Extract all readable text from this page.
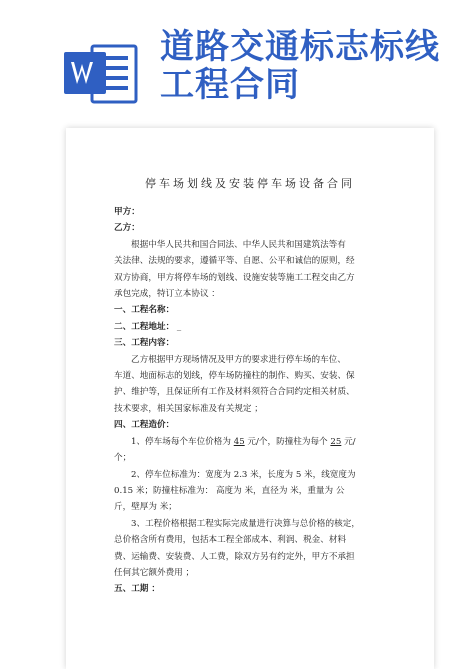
道路交通标志标线
工程合同
停车场划线及安装停车场设备合同
甲方：
乙方：
根据中华人民共和国合同法、中华人民共和国建筑法等有
关法律、法规的要求，遵循平等、自愿、公平和诚信的原则，经
双方协商，甲方将停车场的划线、设施安装等施工工程交由乙方
承包完成，特订立本协议 ：
一、工程名称：
二、工程地址： _
三、工程内容：
乙方根据甲方现场情况及甲方的要求进行停车场的车位、
车道、地面标志的划线，停车场防撞柱的制作、购买、安装、保
护、维护等，且保证所有工作及材料须符合合同约定相关材质、
技术要求，相关国家标准及有关规定 ；
四、工程造价：
1、停车场每个车位价格为 45 元/个，防撞柱为每个 25 元/
个；
2、停车位标准为：宽度为 2.3 米，长度为 5 米，线宽度为
0.15 米；防撞柱标准为： 高度为 米，直径为 米，重量为 公
斤，壁厚为 米；
3、工程价格根据工程实际完成量进行决算与总价格的核定，
总价格含所有费用，包括本工程全部成本、利润、税金、材料
费、运输费、安装费、人工费，除双方另有约定外，甲方不承担
任何其它额外费用 ；
五、工期 ：
